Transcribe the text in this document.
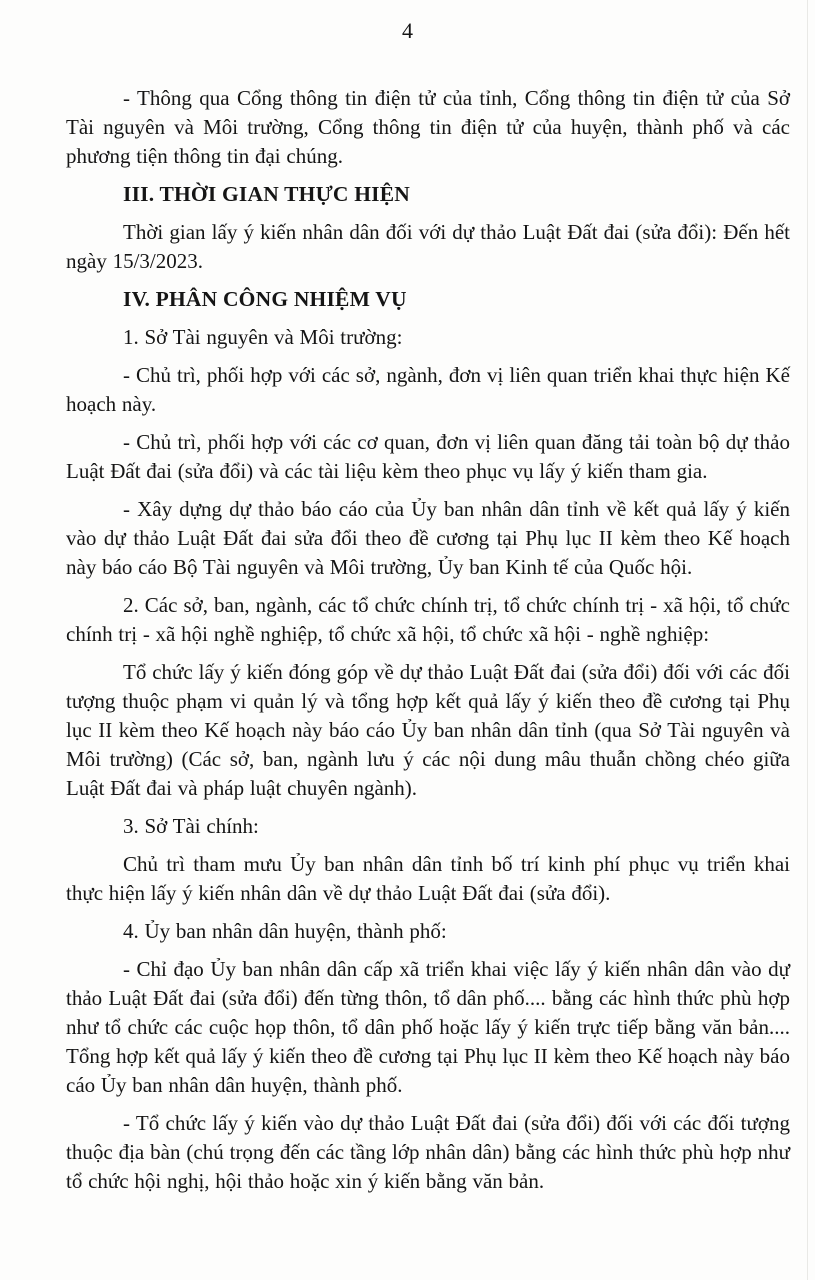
4

- Thông qua Cổng thông tin điện tử của tỉnh, Cổng thông tin điện tử của Sở Tài nguyên và Môi trường, Cổng thông tin điện tử của huyện, thành phố và các phương tiện thông tin đại chúng.

III. THỜI GIAN THỰC HIỆN

Thời gian lấy ý kiến nhân dân đối với dự thảo Luật Đất đai (sửa đổi): Đến hết ngày 15/3/2023.

IV. PHÂN CÔNG NHIỆM VỤ

1. Sở Tài nguyên và Môi trường:

- Chủ trì, phối hợp với các sở, ngành, đơn vị liên quan triển khai thực hiện Kế hoạch này.

- Chủ trì, phối hợp với các cơ quan, đơn vị liên quan đăng tải toàn bộ dự thảo Luật Đất đai (sửa đổi) và các tài liệu kèm theo phục vụ lấy ý kiến tham gia.

- Xây dựng dự thảo báo cáo của Ủy ban nhân dân tỉnh về kết quả lấy ý kiến vào dự thảo Luật Đất đai sửa đổi theo đề cương tại Phụ lục II kèm theo Kế hoạch này báo cáo Bộ Tài nguyên và Môi trường, Ủy ban Kinh tế của Quốc hội.

2. Các sở, ban, ngành, các tổ chức chính trị, tổ chức chính trị - xã hội, tổ chức chính trị - xã hội nghề nghiệp, tổ chức xã hội, tổ chức xã hội - nghề nghiệp:

Tổ chức lấy ý kiến đóng góp về dự thảo Luật Đất đai (sửa đổi) đối với các đối tượng thuộc phạm vi quản lý và tổng hợp kết quả lấy ý kiến theo đề cương tại Phụ lục II kèm theo Kế hoạch này báo cáo Ủy ban nhân dân tỉnh (qua Sở Tài nguyên và Môi trường) (Các sở, ban, ngành lưu ý các nội dung mâu thuẫn chồng chéo giữa Luật Đất đai và pháp luật chuyên ngành).

3. Sở Tài chính:

Chủ trì tham mưu Ủy ban nhân dân tỉnh bố trí kinh phí phục vụ triển khai thực hiện lấy ý kiến nhân dân về dự thảo Luật Đất đai (sửa đổi).

4. Ủy ban nhân dân huyện, thành phố:

- Chỉ đạo Ủy ban nhân dân cấp xã triển khai việc lấy ý kiến nhân dân vào dự thảo Luật Đất đai (sửa đổi) đến từng thôn, tổ dân phố.... bằng các hình thức phù hợp như tổ chức các cuộc họp thôn, tổ dân phố hoặc lấy ý kiến trực tiếp bằng văn bản.... Tổng hợp kết quả lấy ý kiến theo đề cương tại Phụ lục II kèm theo Kế hoạch này báo cáo Ủy ban nhân dân huyện, thành phố.

- Tổ chức lấy ý kiến vào dự thảo Luật Đất đai (sửa đổi) đối với các đối tượng thuộc địa bàn (chú trọng đến các tầng lớp nhân dân) bằng các hình thức phù hợp như tổ chức hội nghị, hội thảo hoặc xin ý kiến bằng văn bản.
